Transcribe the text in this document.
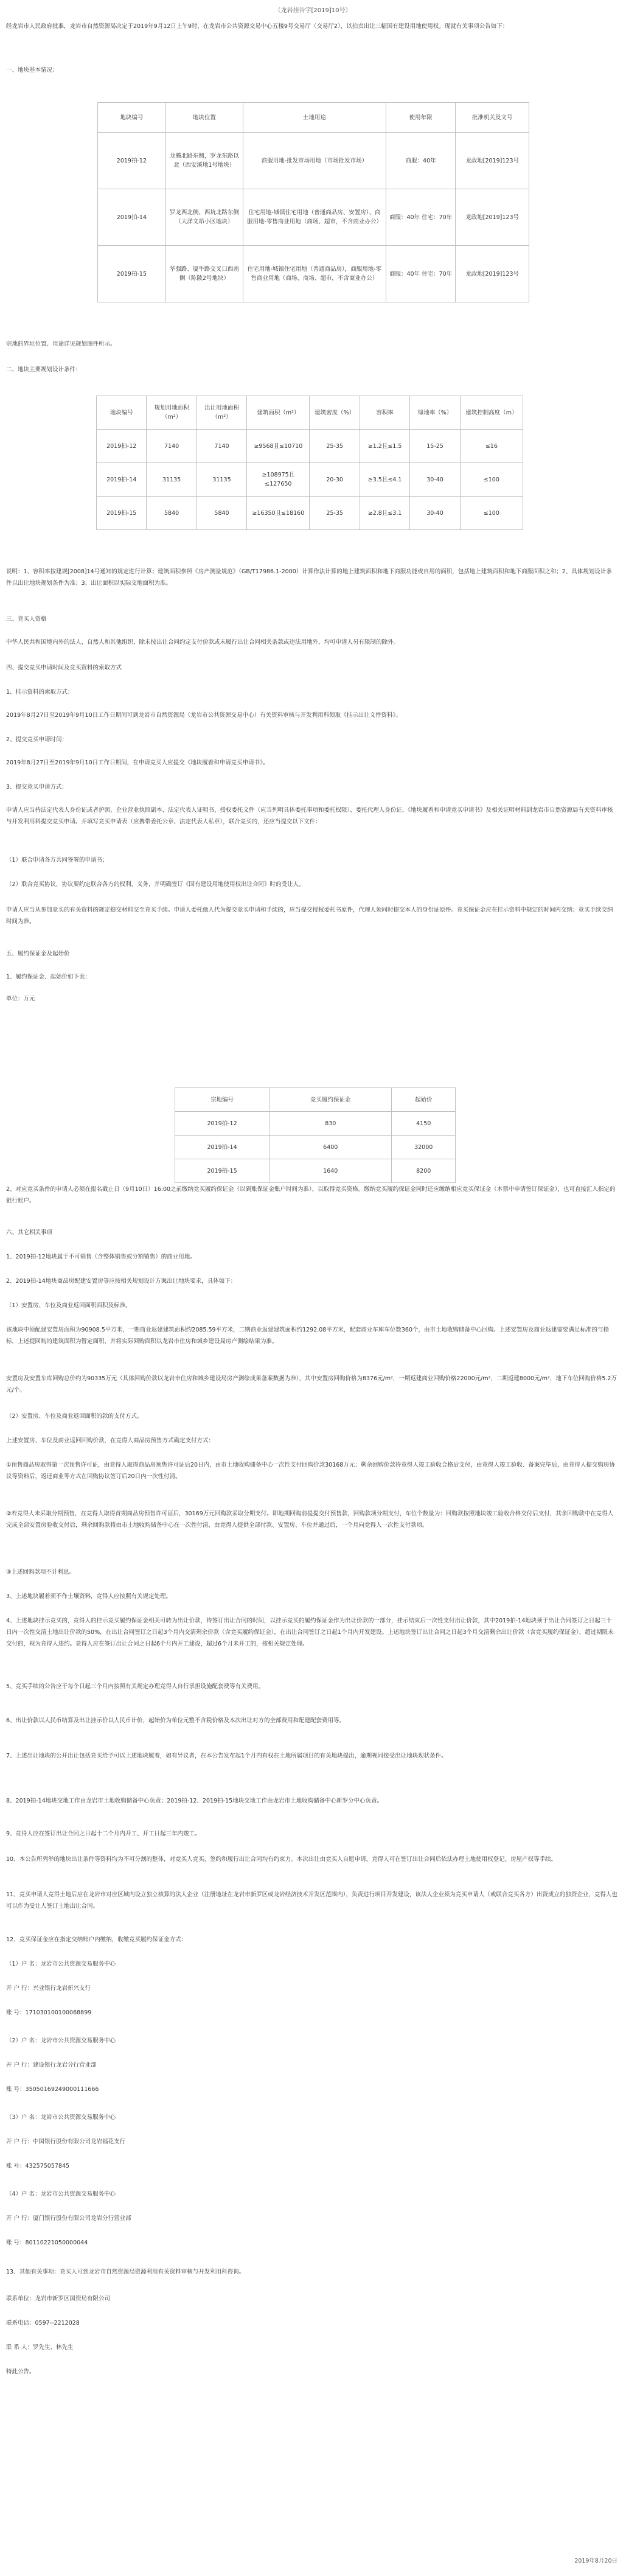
（龙岩挂告字[2019]10号）
经龙岩市人民政府批准，龙岩市自然资源局决定于2019年9月12日上午9时，在龙岩市公共资源交易中心五楼9号交易厅（交易厅2），以拍卖出让三幅国有建设用地使用权。现就有关事项公告如下：
一、地块基本情况：
地块编号	地块位置	土地用途	使用年限	批准机关及文号
2019拍-12	龙腾北路东侧，罗龙东路以北（西安溪地1号地块）	商服用地-批发市场用地（市场批发市场）	商服：40年	龙政地[2019]123号
2019拍-14	罗龙西北侧、西坑北路东侧（大洋文昂小区地块）	住宅用地-城镇住宅用地（普通商品房、安置房）、商服用地-零售商业用地（商场、超市，不含商业办公）	商服：40年 住宅：70年	龙政地[2019]123号
2019拍-15	华强路、厦牛路交叉口西南侧（陈陂2号地块）	住宅用地-城镇住宅用地（普通商品房），商服用地-零售商业用地（商场、商场、超市，不含商业办公）	商服：40年 住宅：70年	龙政地[2019]123号
宗地的界址位置、用途详见规划图件所示。
二、地块主要规划设计条件：
地块编号	规划用地面积（m²）	出让用地面积（m²）	建筑面积（m²）	建筑密度（%）	容积率	绿地率（%）	建筑控制高度（m）
2019拍-12	7140	7140	≥9568且≤10710	25-35	≥1.2且≤1.5	15-25	≤16
2019拍-14	31135	31135	≥108975且≤127650	20-30	≥3.5且≤4.1	30-40	≤100
2019拍-15	5840	5840	≥16350且≤18160	25-35	≥2.8且≤3.1	30-40	≤100
说明：1、容积率按建规[2008]14号通知的规定进行计算；建筑面积参照《房产测量规范》（GB/T17986.1-2000）计算作法计算的地上建筑面积和地下商服功能或自用的面积，包括地上建筑面积和地下商服面积之和；2、具体规划设计条件以出让地块规划条件为准；3、出让面积以实际交地面积为准。
三、竞买人资格
中华人民共和国境内外的法人、自然人和其他组织，除未按出让合同约定支付价款或未履行出让合同相关条款或违法用地外，均可申请人另有限制的除外。
四、提交竞买申请时间及竞买资料的索取方式
1、挂示资料的索取方式：
2019年8月27日至2019年9月10日工作日期间可到龙岩市自然资源局（龙岩市公共资源交易中心）有关资料审核与开发利用科领取《挂示出让文件资料》。
2、提交竞买申请时间：
2019年8月27日至2019年9月10日工作日期间，在申请竞买人应提交《地块履着和申请竞买申请书》。
3、提交竞买申请方式：
申请人应当持法定代表人身份证或者护照、企业营业执照副本、法定代表人证明书、授权委托文件（应当列明具体委托事项和委托权限）、委托代理人身份证、《地块履着和申请竞买申请书》及相关证明材料到龙岩市自然资源局有关资料审核与开发利用科提交竞买申请。并填写竞买申请表（应携带委托公章、法定代表人私章），联合竞买的，还应当提交以下文件：
（1）联合申请各方共同签署的申请书；
（2）联合竞买协议，协议要约定联合各方的权利、义务，并明确签订《国有建设用地使用权出让合同》时的受让人。
申请人应当从参加竞买的有关资料的规定提交材料交至竞买手续。申请人委托他人代为提交竞买申请和手续的，应当提交授权委托书原件，代理人须同时提交本人的身份证原件。竞买保证金应在挂示资料中规定的时间内交纳；竞买手续交纳时间为准。
五、履约保证金及起始价
1、履约保证金、起始价如下表：
单位：万元
宗地编号	竞买履约保证金	起始价
2019拍-12	830	4150
2019拍-14	6400	32000
2019拍-15	1640	8200
2、对应竞买条件的申请人必须在报名截止日（9月10日）16:00之前缴纳竞买履约保证金（以到账保证金账户时间为准），以取得竞买资格。缴纳竞买履约保证金同时还应缴纳相应竞买保证金（本票中申请签订保证金），也可直接汇入指定的银行账户。
六、其它相关事项
1、2019拍-12地块属于不可销售（含整体销售或分割销售）的商业用地。
2、2019拍-14地块商品房配建安置房等应按相关规划设计方案出让地块要求，具体如下：
（1）安置房、车位及商业返回面积面积及标准。
该地块中须配建安置房面积为90908.5平方米，一期商业返建建筑面积约2085.59平方米，二期商业返建建筑面积约1292.08平方米，配套商业车库车位数360个，由市土地收购储备中心回购。上述安置房及商业返建需要满足标准的与指标，上述提回购的建筑面积为暂定面积，并将实际回购面积以龙岩市住房和城乡建设局房产测绘结果为准。
安置房及安置车库回购总价约为90335万元（具体回购价款以龙岩市住房和城乡建设局房产测绘成果备案数据为准），其中安置房回购价格为8376元/m²，一期返建商业回购价格22000元/m²，二期返建8000元/m²，地下车位回购价格5.2万元/个。
（2）安置房、车位及商业返回面积的款的支付方式。
上述安置房、车位及商业返回回购价款，在竞得人商品房预售方式确定支付方式：
①预售商品房取得第一次预售许可证，由竞得人取得商品房预售许可证后20日内，由市土地收购储备中心一次性支付回购价款30168万元；剩余回购价款待竞得人竣工验收合格后支付，由竞得人竣工验收、备案完毕后，由竞得人提交购房协议等资料后，返还商业等方式在回购协议签订后20日内一次性付清。
②若竞得人未采取分期预售，在竞得人取得首期商品房预售许可证后，30169万元回购款采取分期支付。即地期回购前提提交付预售款，回购款项分期支付，车位个数量为：回购款按照地块竣工验收合格交付后支付，其余回购款中在竞得人完成全部安置房验收交付后，剩余回购款将由市土地收购储备中心在一次性付清，由竞得人提供全部付款、安置房、车位并通过后，一个月向竞得人一次性支付款项。
③上述回购款项不计利息。
3、上述地块履着须不作土壤资料，竞得人应按照有关规定处理。
4、上述地块挂示竞买的，竞得人的挂示竞买履约保证金相关可转为出让价款，待签订出让合同的时间，以挂示竞买的履约保证金作为出让价款的一部分，挂示结束后一次性支付出让价款，其中2019拍-14地块须于出让合同签订之日起三十日内一次性交清土地出让价款的50%，在出让合同签订之日起3个月内交清剩余价款（含竞买履约保证金），在出让合同签订之日起1个月内开发建设。上述地块签订出让合同之日起3个月交清剩余出让价款（含竞买履约保证金），超过期限未交付的，视为竞得人违约。竞得人应在签订出让合同之日起6个月内开工建设，超过6个月未开工的，按相关规定处理。
5、竞买手续的公告应于每个日起三个月内按照有关规定办理竞得人自行承担设施配套费等有关费用。
6、出让价款以人民币结算及出让挂示价以人民币计价，起始价为单位元整不含税价格及本次出让对方的全部费用和配建配套费用等。
7、上述出让地块的公开出让包括竞买给予可以上述地块履着，如有异议者，在本公告发布起1个月内有权在土地所属项目的有关地块提出，逾期视同接受出让地块现状条件。
8、2019拍-14地块交地工作由龙岩市土地收购储备中心负责；2019拍-12、2019拍-15地块交地工作由龙岩市土地收购储备中心新罗分中心负责。
9、竞得人应在签订出让合同之日起十二个月内开工、开工日起三年内竣工。
10、本公告所列举的地块出让条件等资料均为不可分割的整体，对竞买人竞买、签约和履行出让合同均有约束力。本次出让由竞买人自愿申请，竞得人可在签订出让合同后依法办理土地使用权登记、房屋产权等手续。
11、竞买申请人竞得土地后应在龙岩市对应区域内设立独立核算的法人企业（注册地址在龙岩市新罗区或龙岩经济技术开发区范围内），负责进行项目开发建设，该法人企业须为竞买申请人（或联合竞买各方）出资成立的独资企业，竞得人也可以作为受让人签订土地出让合同。
12、竞买保证金应在指定交纳账户内缴纳，收缴竞买履约保证金方式：
（1）户 名：龙岩市公共资源交易服务中心
开 户 行：兴业银行龙岩新兴支行
账 号：171030100100068899
（2）户 名：龙岩市公共资源交易服务中心
开 户 行：建设银行龙岩分行营业部
账 号：35050169249000111666
（3）户 名：龙岩市公共资源交易服务中心
开 户 行：中国银行股份有限公司龙岩福花支行
账 号：432575057845
（4）户 名：龙岩市公共资源交易服务中心
开 户 行：厦门银行股份有限公司龙岩分行营业部
账 号：80110221050000044
13、其他有关事项：竞买人可到龙岩市自然资源局资源利用有关资料审核与开发利用科咨询。
联系单位：龙岩市新罗区国资局有限公司
联系电话：0597--2212028
联 系 人：罗先生、林先生
特此公告。
2019年8月20日
